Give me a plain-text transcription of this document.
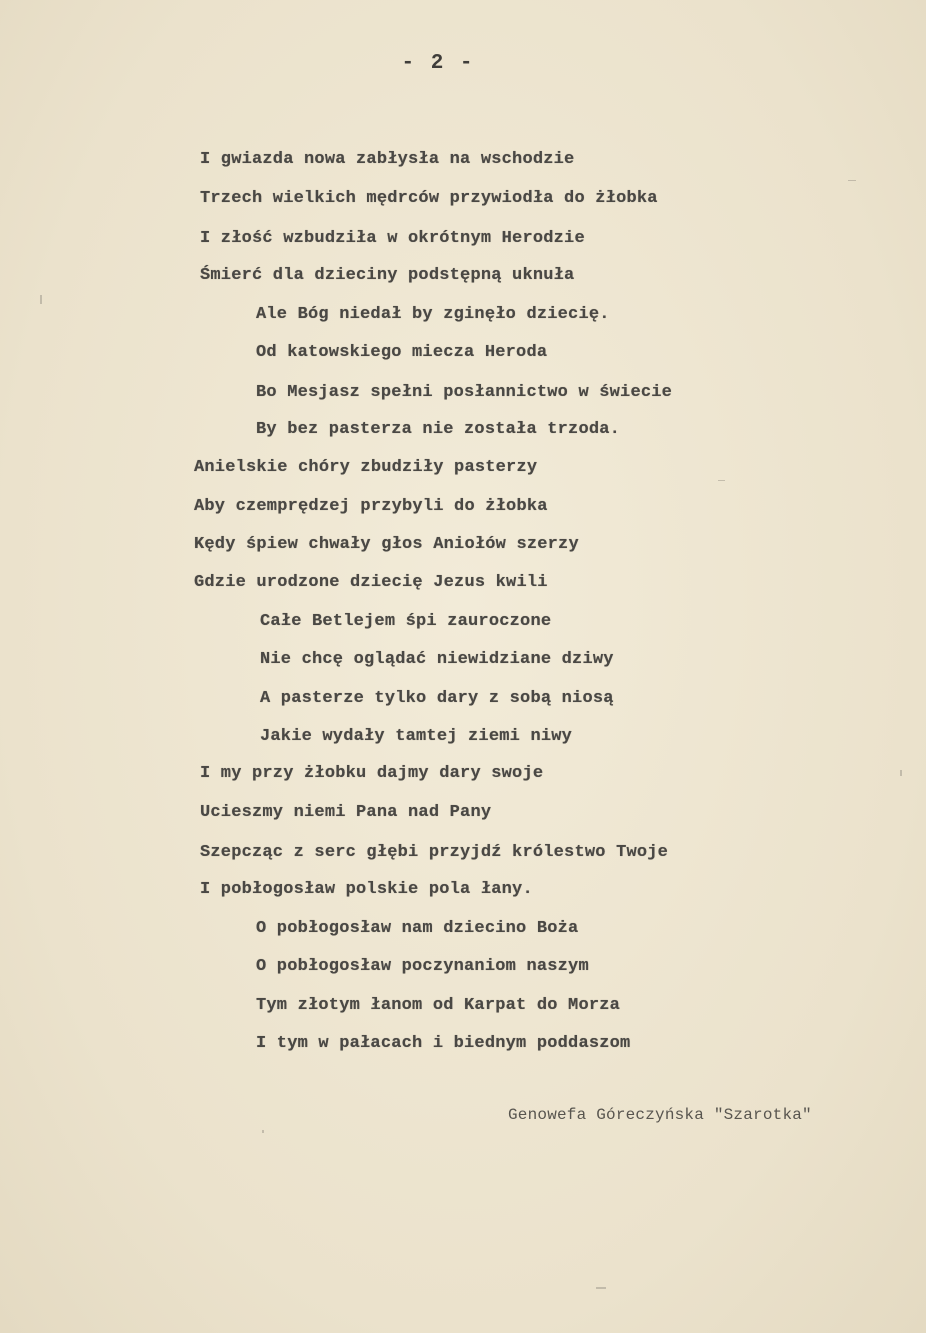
- 2 -
I gwiazda nowa zabłysła na wschodzie
Trzech wielkich mędrców przywiodła do żłobka
I złość wzbudziła w okrótnym Herodzie
Śmierć dla dzieciny podstępną uknuła
Ale Bóg niedał by zginęło dziecię.
Od katowskiego miecza Heroda
Bo Mesjasz spełni posłannictwo w świecie
By bez pasterza nie została trzoda.
Anielskie chóry zbudziły pasterzy
Aby czemprędzej przybyli do żłobka
Kędy śpiew chwały głos Aniołów szerzy
Gdzie urodzone dziecię Jezus kwili
Całe Betlejem śpi zauroczone
Nie chcę oglądać niewidziane dziwy
A pasterze tylko dary z sobą niosą
Jakie wydały tamtej ziemi niwy
I my przy żłobku dajmy dary swoje
Ucieszmy niemi Pana nad Pany
Szepcząc z serc głębi przyjdź królestwo Twoje
I pobłogosław polskie pola łany.
O pobłogosław nam dziecino Boża
O pobłogosław poczynaniom naszym
Tym złotym łanom od Karpat do Morza
I tym w pałacach i biednym poddaszom
Genowefa Góreczyńska "Szarotka"
